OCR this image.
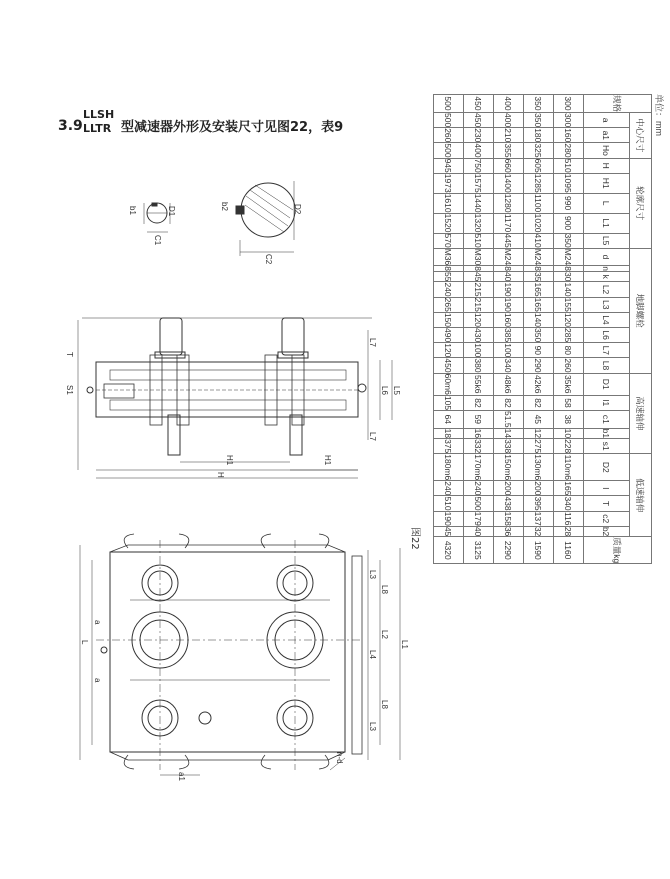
3.9
LLSH
LLTR 型减速器外形及安装尺寸见图22，表9
b1	D1
C1
b2	D2
C2
T
S1
L7
L6 L5
L7
H1	H1
H
L
a
a
L1
L3
L8
L2
L4
L8
L3
a1
n-d
图22
单位：mm
规格	中心尺寸			轮廓尺寸					地脚螺栓									高速轴伸					低速轴伸					质量kg
	a	a1	Ho	H	H1	L	L1	L5	d	n	k	L2	L3	L4	L6	L7	L8	D1	l1	c1	b1	s1	D2	l	T	c2	b2	

300	300	160	280	510	1095	990	900	350	M24	8	30	140	155	120	285	80	260	35k6	58	38	10	228	110m6	165	340	116	28	1160
350	350	180	325	605	1285	1100	1020	410	M24	8	35	165	165	140	350	90	290	42k6	82	45	12	275	130m6	200	395	137	32	1590
400	400	210	355	660	1400	1280	1170	445	M24	8	40	190	190	160	385	100	340	48k6	82	51.5	14	338	150m6	200	438	158	36	2290
450	450	230	400	750	1575	1440	1320	510	M30	8	45	215	215	120	430	100	380	55k6	82	59	16	332	170m6	240	500	179	40	3125
500	500	260	500	945	1973	1610	1520	570	M36	8	55	240	265	150	490	120	450	60m6	105	64	18	375	180m6	240	510	190	45	4320
